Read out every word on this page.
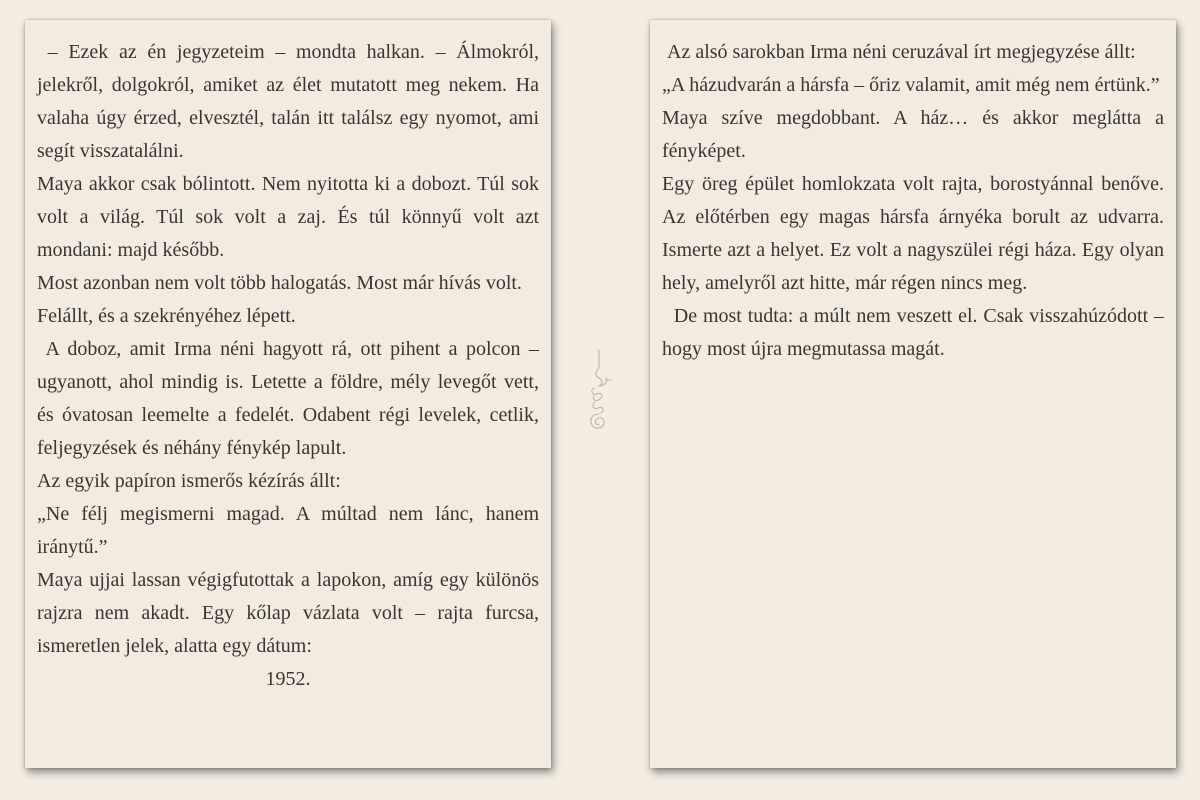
– Ezek az én jegyzeteim – mondta halkan. – Álmokról, jelekről, dolgokról, amiket az élet mutatott meg nekem. Ha valaha úgy érzed, elvesztél, talán itt találsz egy nyomot, ami segít visszatalálni.

Maya akkor csak bólintott. Nem nyitotta ki a dobozt. Túl sok volt a világ. Túl sok volt a zaj. És túl könnyű volt azt mondani: majd később.

Most azonban nem volt több halogatás. Most már hívás volt.

Felállt, és a szekrényéhez lépett.

A doboz, amit Irma néni hagyott rá, ott pihent a polcon – ugyanott, ahol mindig is. Letette a földre, mély levegőt vett, és óvatosan leemelte a fedelét. Odabent régi levelek, cetlik, feljegyzések és néhány fénykép lapult.

Az egyik papíron ismerős kézírás állt:

„Ne félj megismerni magad. A múltad nem lánc, hanem iránytű.”

Maya ujjai lassan végigfutottak a lapokon, amíg egy különös rajzra nem akadt. Egy kőlap vázlata volt – rajta furcsa, ismeretlen jelek, alatta egy dátum:

1952.

Az alsó sarokban Irma néni ceruzával írt megjegyzése állt:

„A házudvarán a hársfa – őriz valamit, amit még nem értünk.”

Maya szíve megdobbant. A ház… és akkor meglátta a fényképet.

Egy öreg épület homlokzata volt rajta, borostyánnal benőve. Az előtérben egy magas hársfa árnyéka borult az udvarra. Ismerte azt a helyet. Ez volt a nagyszülei régi háza. Egy olyan hely, amelyről azt hitte, már régen nincs meg.

De most tudta: a múlt nem veszett el. Csak visszahúzódott – hogy most újra megmutassa magát.
